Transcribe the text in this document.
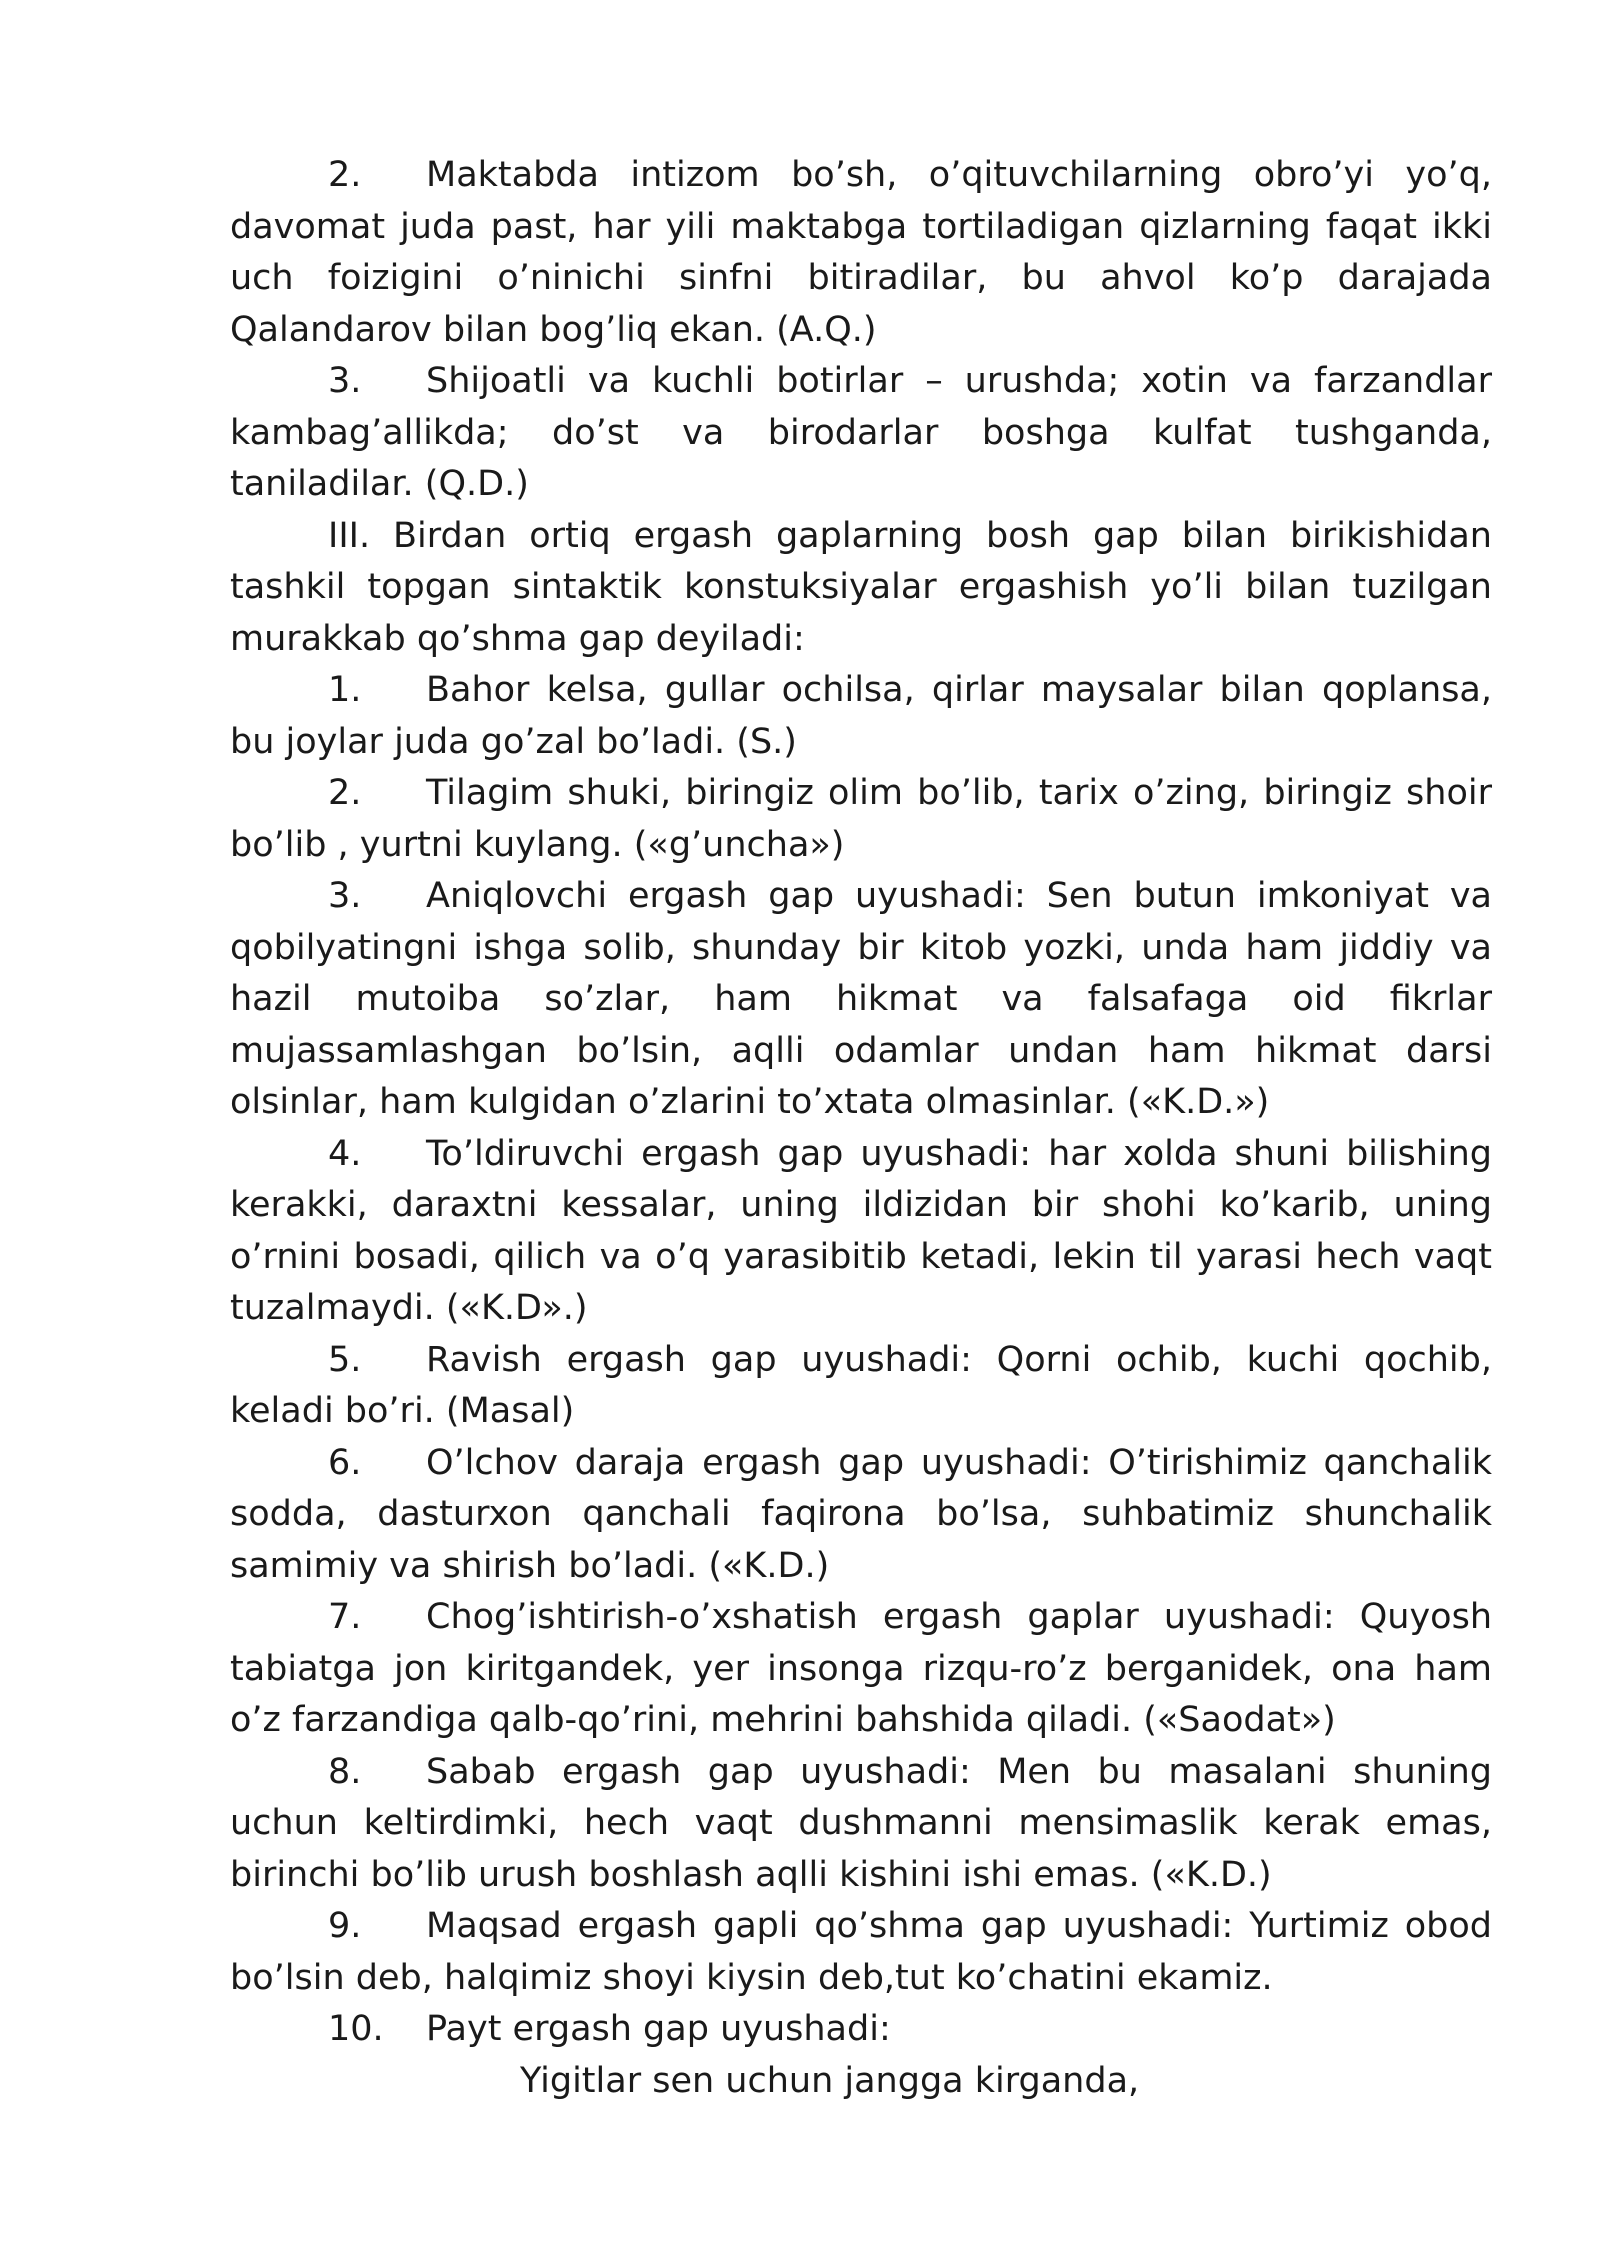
2. Maktabda intizom bo’sh, o’qituvchilarning obro’yi yo’q, davomat juda past, har yili maktabga tortiladigan qizlarning faqat ikki uch foizigini o’ninichi sinfni bitiradilar, bu ahvol ko’p darajada Qalandarov bilan bog’liq ekan. (A.Q.)

3. Shijoatli va kuchli botirlar – urushda; xotin va farzandlar kambag’allikda; do’st va birodarlar boshga kulfat tushganda, taniladilar. (Q.D.)

III. Birdan ortiq ergash gaplarning bosh gap bilan birikishidan tashkil topgan sintaktik konstuksiyalar ergashish yo’li bilan tuzilgan murakkab qo’shma gap deyiladi:

1. Bahor kelsa, gullar ochilsa, qirlar maysalar bilan qoplansa, bu joylar juda go’zal bo’ladi. (S.)

2. Tilagim shuki, biringiz olim bo’lib, tarix o’zing, biringiz shoir bo’lib , yurtni kuylang. («g’uncha»)

3. Aniqlovchi ergash gap uyushadi: Sen butun imkoniyat va qobilyatingni ishga solib, shunday bir kitob yozki, unda ham jiddiy va hazil mutoiba so’zlar, ham hikmat va falsafaga oid fikrlar mujassamlashgan bo’lsin, aqlli odamlar undan ham hikmat darsi olsinlar, ham kulgidan o’zlarini to’xtata olmasinlar. («K.D.»)

4. To’ldiruvchi ergash gap uyushadi: har xolda shuni bilishing kerakki, daraxtni kessalar, uning ildizidan bir shohi ko’karib, uning o’rnini bosadi, qilich va o’q yarasibitib ketadi, lekin til yarasi hech vaqt tuzalmaydi. («K.D».)

5. Ravish ergash gap uyushadi: Qorni ochib, kuchi qochib, keladi bo’ri. (Masal)

6. O’lchov daraja ergash gap uyushadi: O’tirishimiz qanchalik sodda, dasturxon qanchali faqirona bo’lsa, suhbatimiz shunchalik samimiy va shirish bo’ladi. («K.D.)

7. Chog’ishtirish-o’xshatish ergash gaplar uyushadi: Quyosh tabiatga jon kiritgandek, yer insonga rizqu-ro’z berganidek, ona ham o’z farzandiga qalb-qo’rini, mehrini bahshida qiladi. («Saodat»)

8. Sabab ergash gap uyushadi: Men bu masalani shuning uchun keltirdimki, hech vaqt dushmanni mensimaslik kerak emas, birinchi bo’lib urush boshlash aqlli kishini ishi emas. («K.D.)

9. Maqsad ergash gapli qo’shma gap uyushadi: Yurtimiz obod bo’lsin deb, halqimiz shoyi kiysin deb,tut ko’chatini ekamiz.

10. Payt ergash gap uyushadi:

Yigitlar sen uchun jangga kirganda,
